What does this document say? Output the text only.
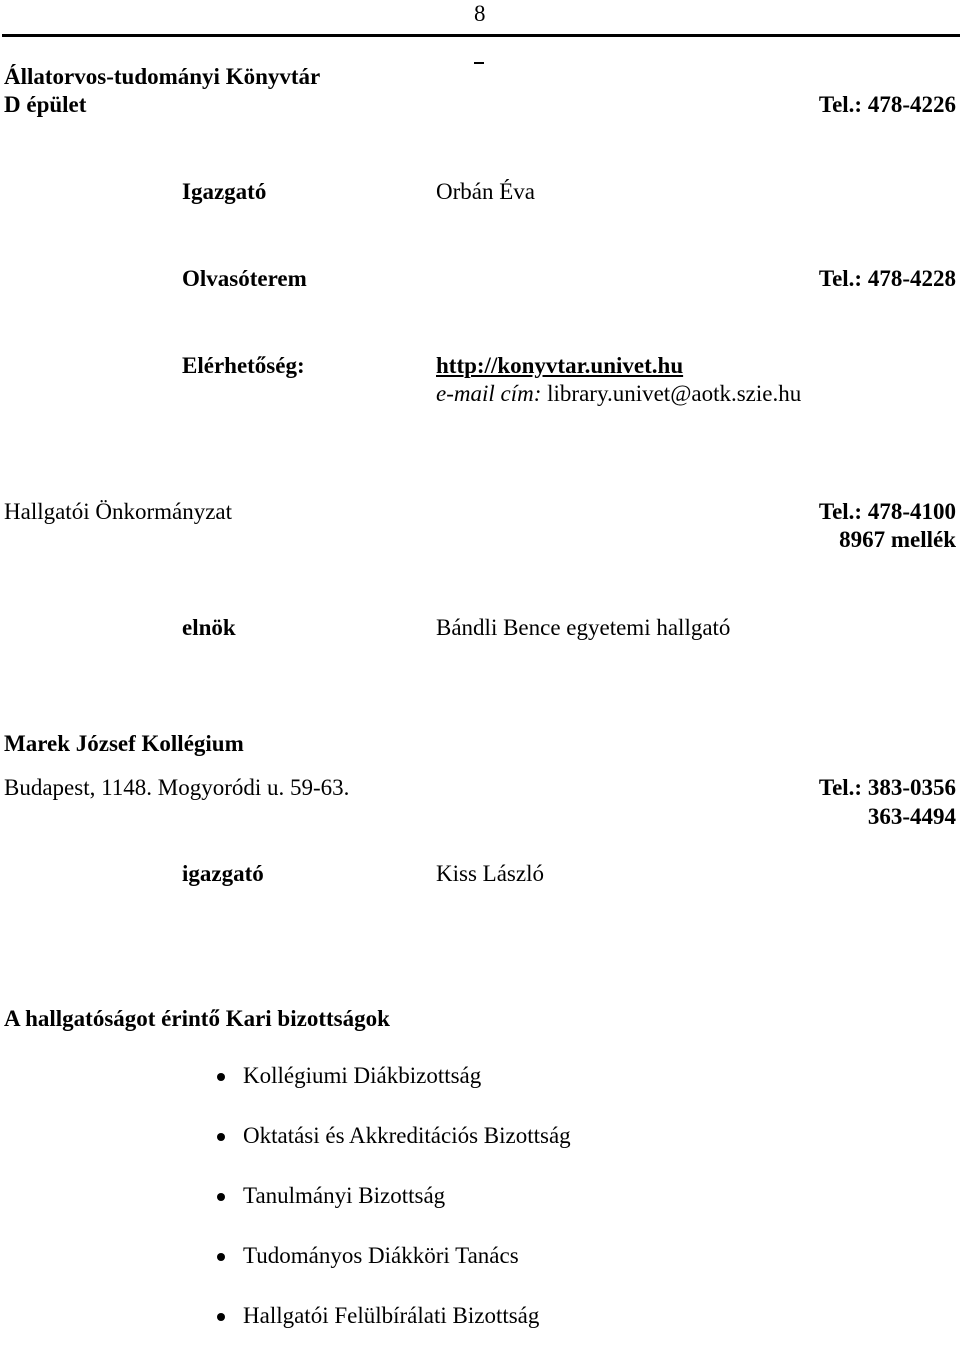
8
Állatorvos-tudományi Könyvtár
D épület	Tel.: 478-4226
Igazgató	Orbán Éva
Olvasóterem	Tel.: 478-4228
Elérhetőség:	http://konyvtar.univet.hu
e-mail cím: library.univet@aotk.szie.hu
Hallgatói Önkormányzat	Tel.: 478-4100
8967 mellék
elnök	Bándli Bence egyetemi hallgató
Marek József Kollégium
Budapest, 1148. Mogyoródi u. 59-63.	Tel.: 383-0356
363-4494
igazgató	Kiss László
A hallgatóságot érintő Kari bizottságok
Kollégiumi Diákbizottság
Oktatási és Akkreditációs Bizottság
Tanulmányi Bizottság
Tudományos Diákköri Tanács
Hallgatói Felülbírálati Bizottság
